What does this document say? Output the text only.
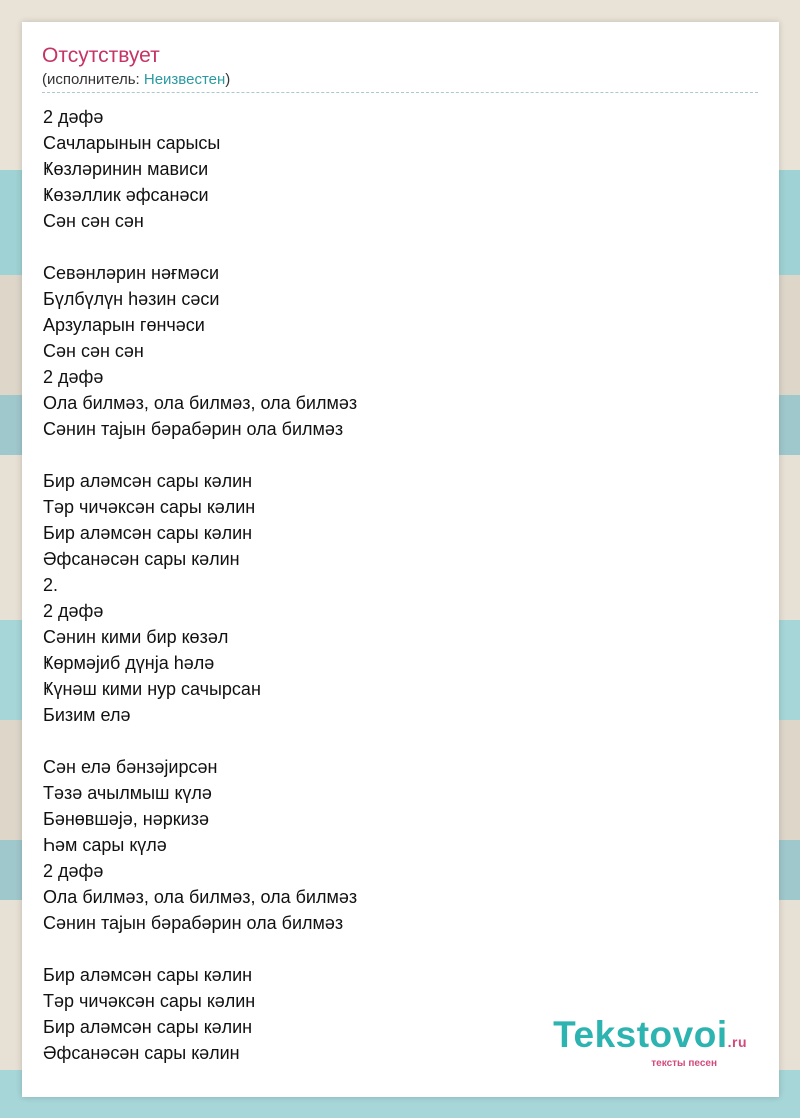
Отсутствует
(исполнитель: Неизвестен)
2 дәфә
Сачларынын сарысы
Ҝөзләринин мависи
Ҝөзәллик әфсанәси
Сән сән сән
Севәнләрин нәғмәси
Бүлбүлүн һәзин сәси
Арзуларын гөнчәси
Сән сән сән
2 дәфә
Ола билмәз, ола билмәз, ола билмәз
Сәнин тајын бәрабәрин ола билмәз
Бир аләмсән сары кәлин
Тәр чичәксән сары кәлин
Бир аләмсән сары кәлин
Әфсанәсән сары кәлин
2.
2 дәфә
Сәнин кими бир көзәл
Ҝөрмәјиб дүнја һәлә
Ҝүнәш кими нур сачырсан
Бизим елә
Сән елә бәнзәјирсән
Тәзә ачылмыш күлә
Бәнөвшәјә, нәркизә
Һәм сары күлә
2 дәфә
Ола билмәз, ола билмәз, ола билмәз
Сәнин тајын бәрабәрин ола билмәз
Бир аләмсән сары кәлин
Тәр чичәксән сары кәлин
Бир аләмсән сары кәлин
Әфсанәсән сары кәлин	Tekstovoi.ru
тексты песен
